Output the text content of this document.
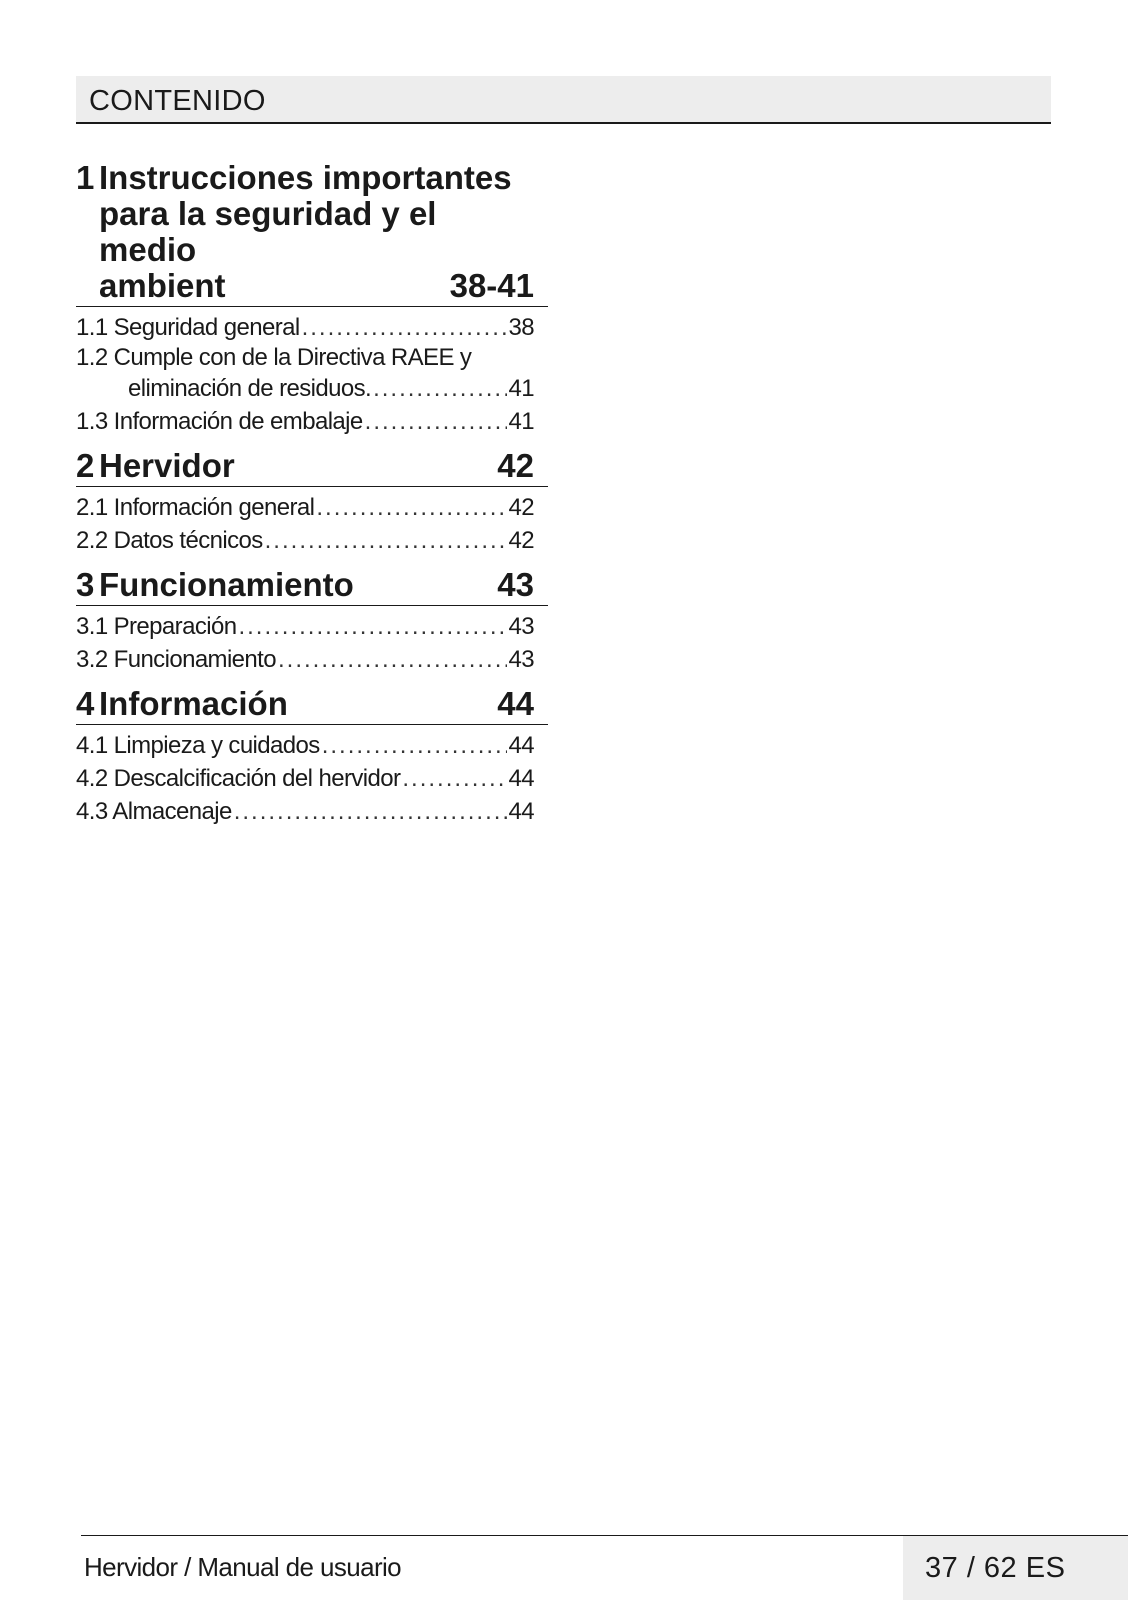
CONTENIDO
1 Instrucciones importantes
para la seguridad y el medio
ambient	38-41
1.1 Seguridad general .....	38
1.2 Cumple con de la Directiva RAEE y
eliminación de residuos. .....	41
1.3 Información de embalaje .....	41
2 Hervidor	42
2.1 Información general .....	42
2.2 Datos técnicos .....	42
3 Funcionamiento	43
3.1 Preparación .....	43
3.2 Funcionamiento .....	43
4 Información	44
4.1 Limpieza y cuidados .....	44
4.2 Descalcificación del hervidor .....	44
4.3 Almacenaje .....	44
Hervidor / Manual de usuario	37 / 62 ES
